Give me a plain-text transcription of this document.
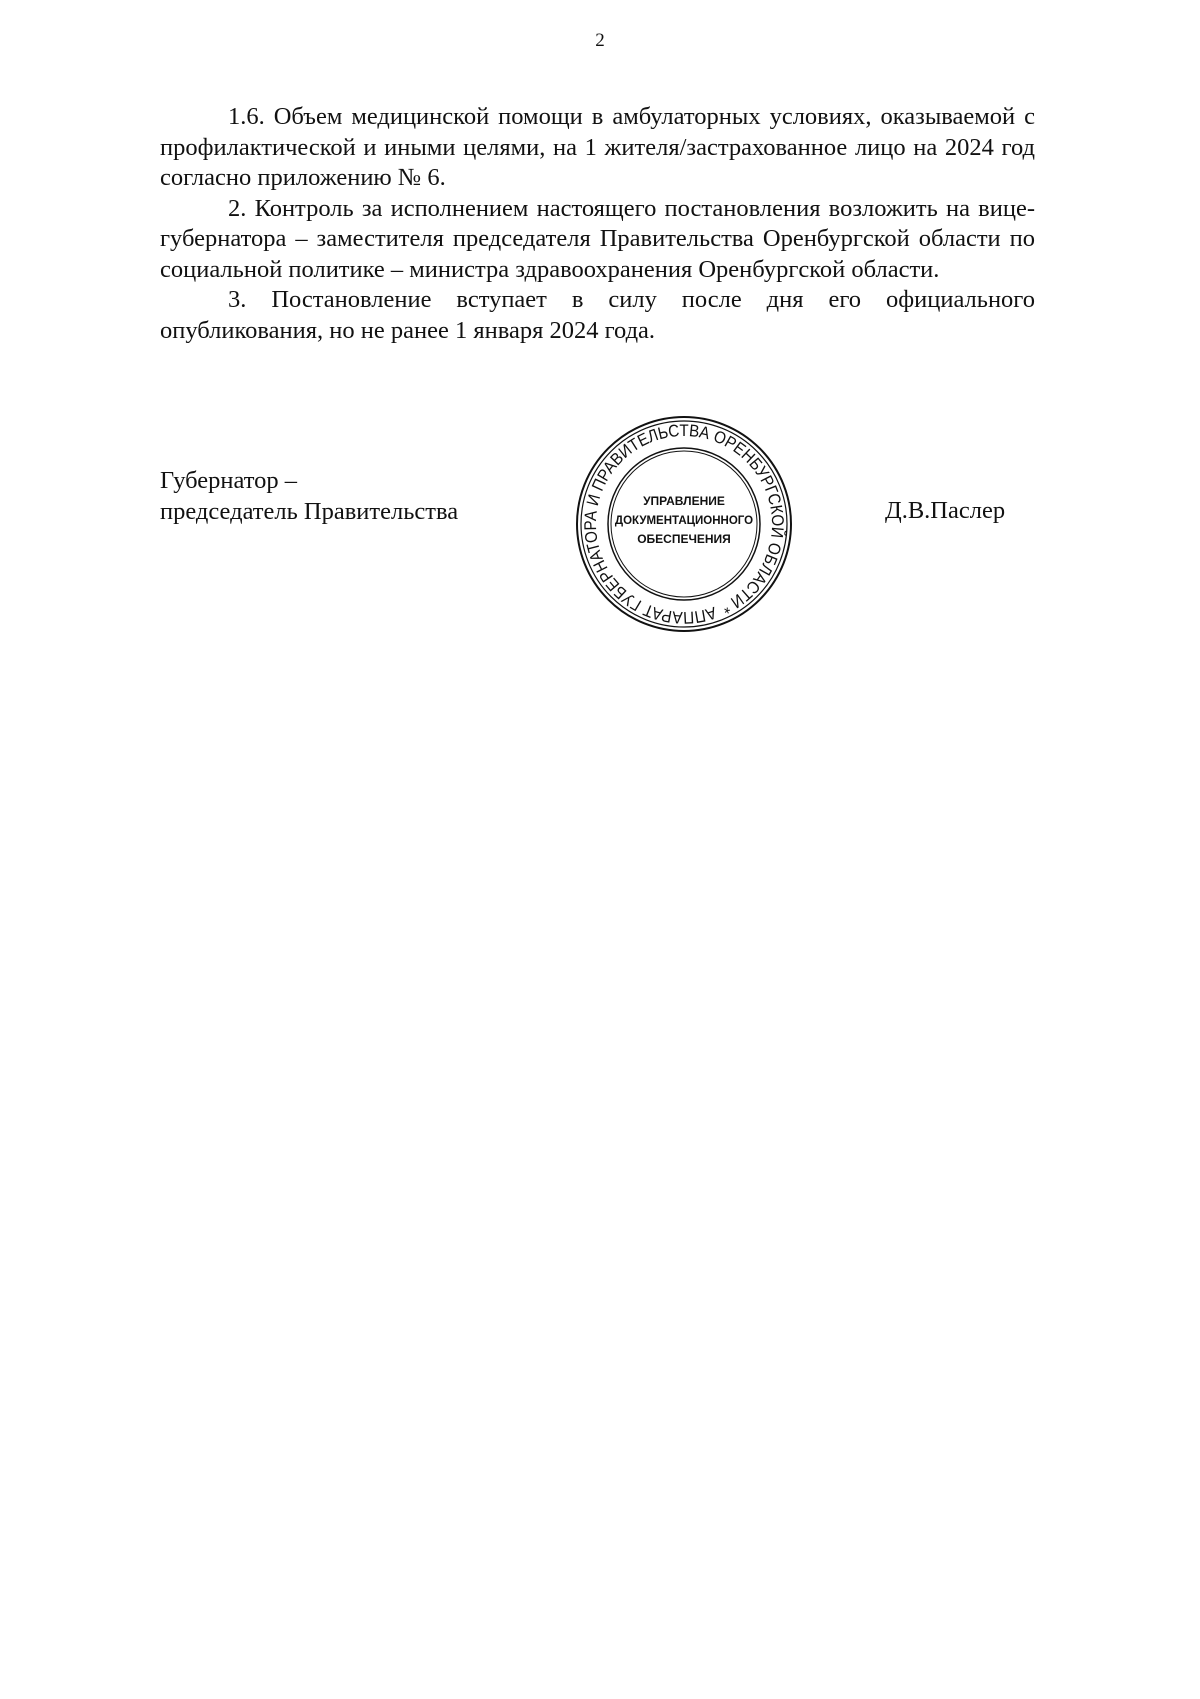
2

1.6. Объем медицинской помощи в амбулаторных условиях, оказываемой с профилактической и иными целями, на 1 жителя/застрахованное лицо на 2024 год согласно приложению № 6.

2. Контроль за исполнением настоящего постановления возложить на вице-губернатора – заместителя председателя Правительства Оренбургской области по социальной политике – министра здравоохранения Оренбургской области.

3. Постановление вступает в силу после дня его официального опубликования, но не ранее 1 января 2024 года.

Губернатор –
председатель Правительства
АППАРАТ ГУБЕРНАТОРА И ПРАВИТЕЛЬСТВА ОРЕНБУРГСКОЙ ОБЛАСТИ *
УПРАВЛЕНИЕ
ДОКУМЕНТАЦИОННОГО
ОБЕСПЕЧЕНИЯ
Д.В.Паслер
